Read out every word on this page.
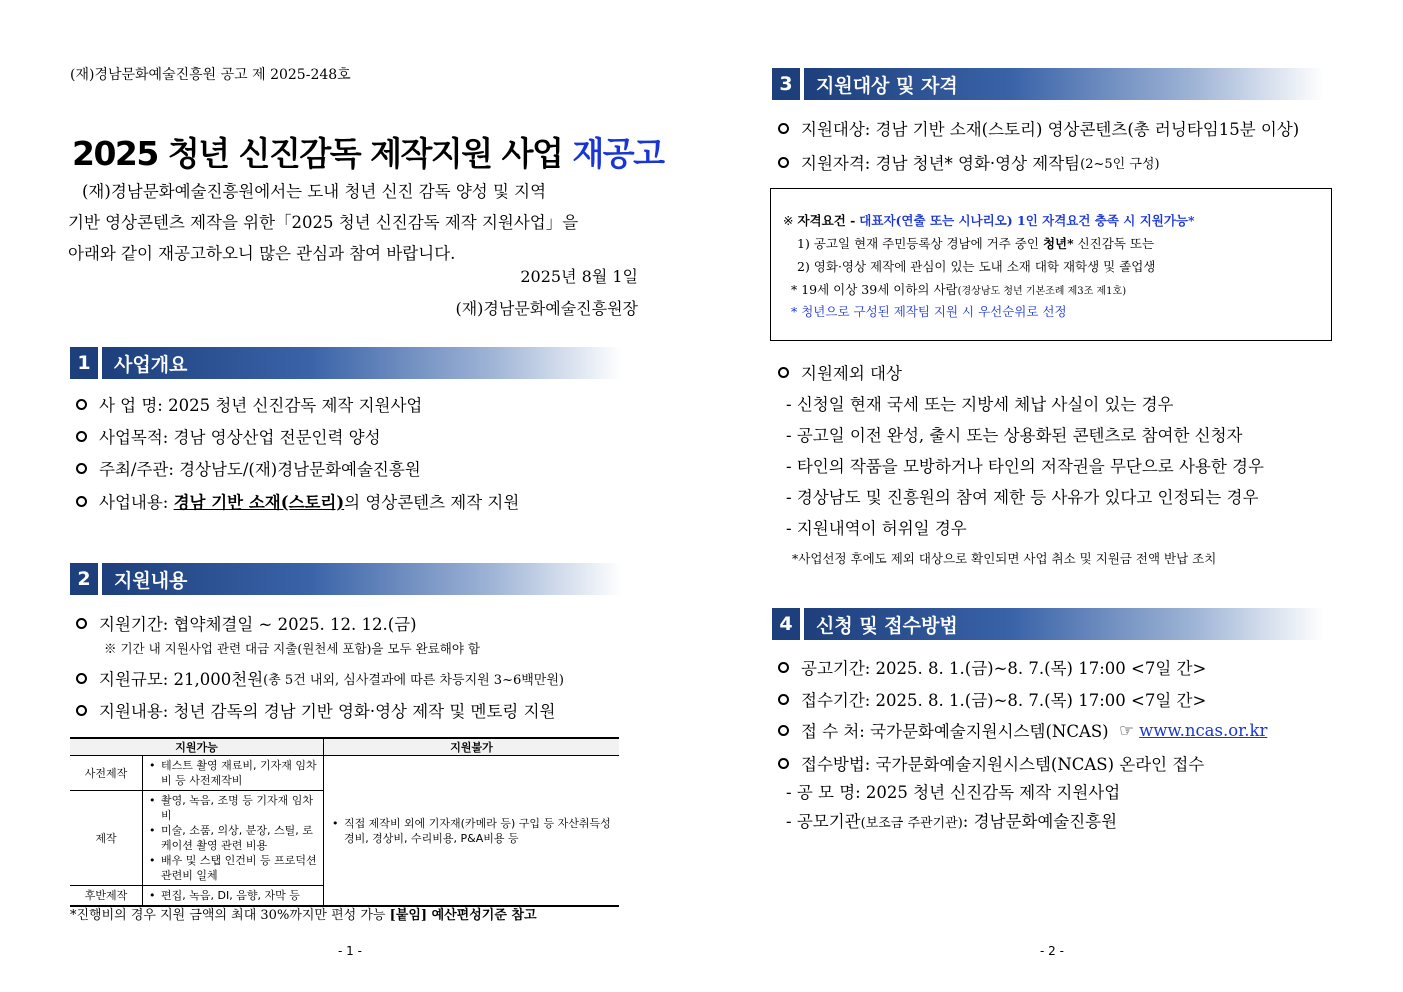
(재)경남문화예술진흥원 공고 제 2025-248호
2025 청년 신진감독 제작지원 사업 재공고
(재)경남문화예술진흥원에서는 도내 청년 신진 감독 양성 및 지역
기반 영상콘텐츠 제작을 위한「2025 청년 신진감독 제작 지원사업」을
아래와 같이 재공고하오니 많은 관심과 참여 바랍니다.
2025년 8월 1일
(재)경남문화예술진흥원장
1	사업개요
사 업 명: 2025 청년 신진감독 제작 지원사업
사업목적: 경남 영상산업 전문인력 양성
주최/주관: 경상남도/(재)경남문화예술진흥원
사업내용:
경남 기반 소재(스토리) 의 영상콘텐츠 제작 지원
2	지원내용
지원기간: 협약체결일 ~ 2025. 12. 12.(금)
※ 기간 내 지원사업 관련 대금 지출(원천세 포함)을 모두 완료해야 함
지원규모: 21,000천원 (총 5건 내외, 심사결과에 따른 차등지원 3~6백만원)
지원내용: 청년 감독의 경남 기반 영화·영상 제작 및 멘토링 지원
지원가능		지원불가
사전제작	• 테스트 촬영 재료비, 기자재 임차비 등 사전제작비	• 직접 제작비 외에 기자재(카메라 등) 구입 등 자산취득성 경비, 경상비, 수리비용, P&A비용 등

제작	• 촬영, 녹음, 조명 등 기자재 임차비
• 미술, 소품, 의상, 분장, 스틸, 로케이션 촬영 관련 비용
• 배우 및 스탭 인건비 등 프로덕션 관련비 일체

후반제작	• 편집, 녹음, DI, 음향, 자막 등
*진행비의 경우 지원 금액의 최대 30%까지만 편성 가능 [붙임] 예산편성기준 참고
- 1 -
3	지원대상 및 자격
지원대상: 경남 기반 소재(스토리) 영상콘텐츠(총 러닝타임15분 이상)
지원자격: 경남 청년* 영화·영상 제작팀 (2~5인 구성)
※ 자격요건 - 대표자(연출 또는 시나리오) 1인 자격요건 충족 시 지원가능*
1) 공고일 현재 주민등록상 경남에 거주 중인 청년* 신진감독 또는
2) 영화·영상 제작에 관심이 있는 도내 소재 대학 재학생 및 졸업생
* 19세 이상 39세 이하의 사람(경상남도 청년 기본조례 제3조 제1호)
* 청년으로 구성된 제작팀 지원 시 우선순위로 선정
지원제외 대상
- 신청일 현재 국세 또는 지방세 체납 사실이 있는 경우
- 공고일 이전 완성, 출시 또는 상용화된 콘텐츠로 참여한 신청자
- 타인의 작품을 모방하거나 타인의 저작권을 무단으로 사용한 경우
- 경상남도 및 진흥원의 참여 제한 등 사유가 있다고 인정되는 경우
- 지원내역이 허위일 경우
*사업선정 후에도 제외 대상으로 확인되면 사업 취소 및 지원금 전액 반납 조치
4	신청 및 접수방법
공고기간: 2025. 8. 1.(금)~8. 7.(목) 17:00 <7일 간>
접수기간: 2025. 8. 1.(금)~8. 7.(목) 17:00 <7일 간>
접 수 처: 국가문화예술지원시스템(NCAS)
☞
www.ncas.or.kr
접수방법: 국가문화예술지원시스템(NCAS) 온라인 접수
- 공 모 명: 2025 청년 신진감독 제작 지원사업
- 공모기관(보조금 주관기관): 경남문화예술진흥원
- 2 -
